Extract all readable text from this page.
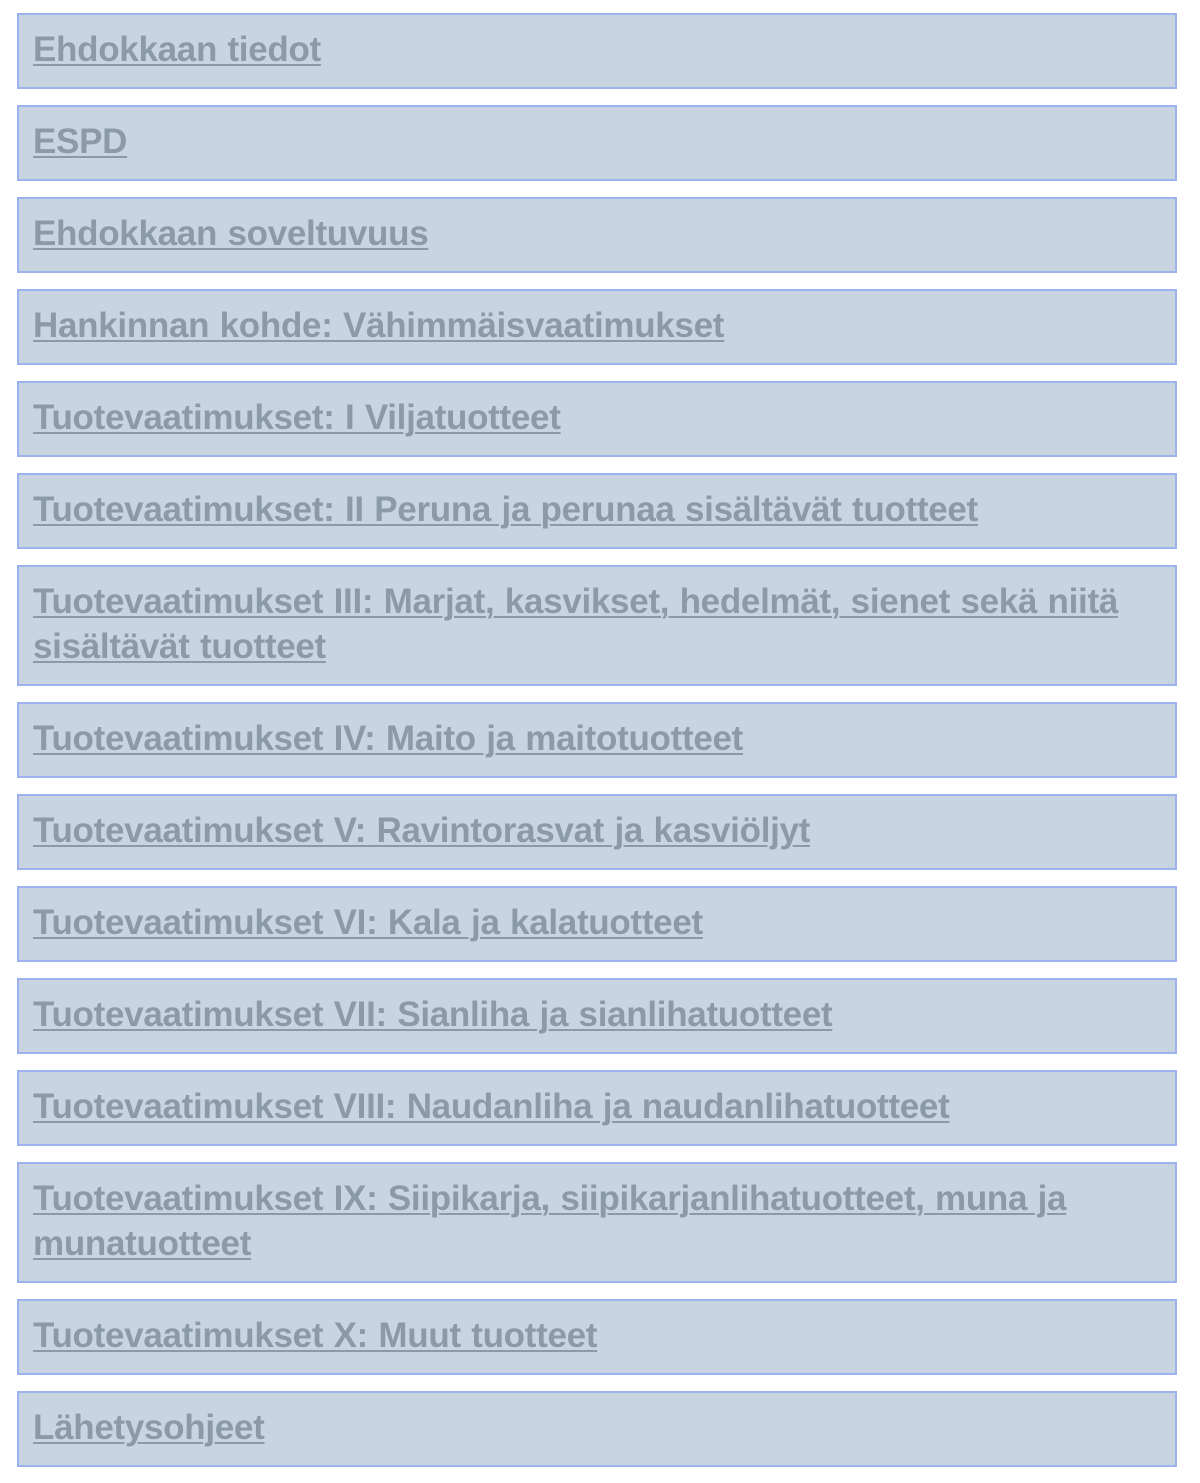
Ehdokkaan tiedot
ESPD
Ehdokkaan soveltuvuus
Hankinnan kohde: Vähimmäisvaatimukset
Tuotevaatimukset: I Viljatuotteet
Tuotevaatimukset: II Peruna ja perunaa sisältävät tuotteet
Tuotevaatimukset III: Marjat, kasvikset, hedelmät, sienet sekä niitä sisältävät tuotteet
Tuotevaatimukset IV: Maito ja maitotuotteet
Tuotevaatimukset V: Ravintorasvat ja kasviöljyt
Tuotevaatimukset VI: Kala ja kalatuotteet
Tuotevaatimukset VII: Sianliha ja sianlihatuotteet
Tuotevaatimukset VIII: Naudanliha ja naudanlihatuotteet
Tuotevaatimukset IX: Siipikarja, siipikarjanlihatuotteet, muna ja munatuotteet
Tuotevaatimukset X: Muut tuotteet
Lähetysohjeet
